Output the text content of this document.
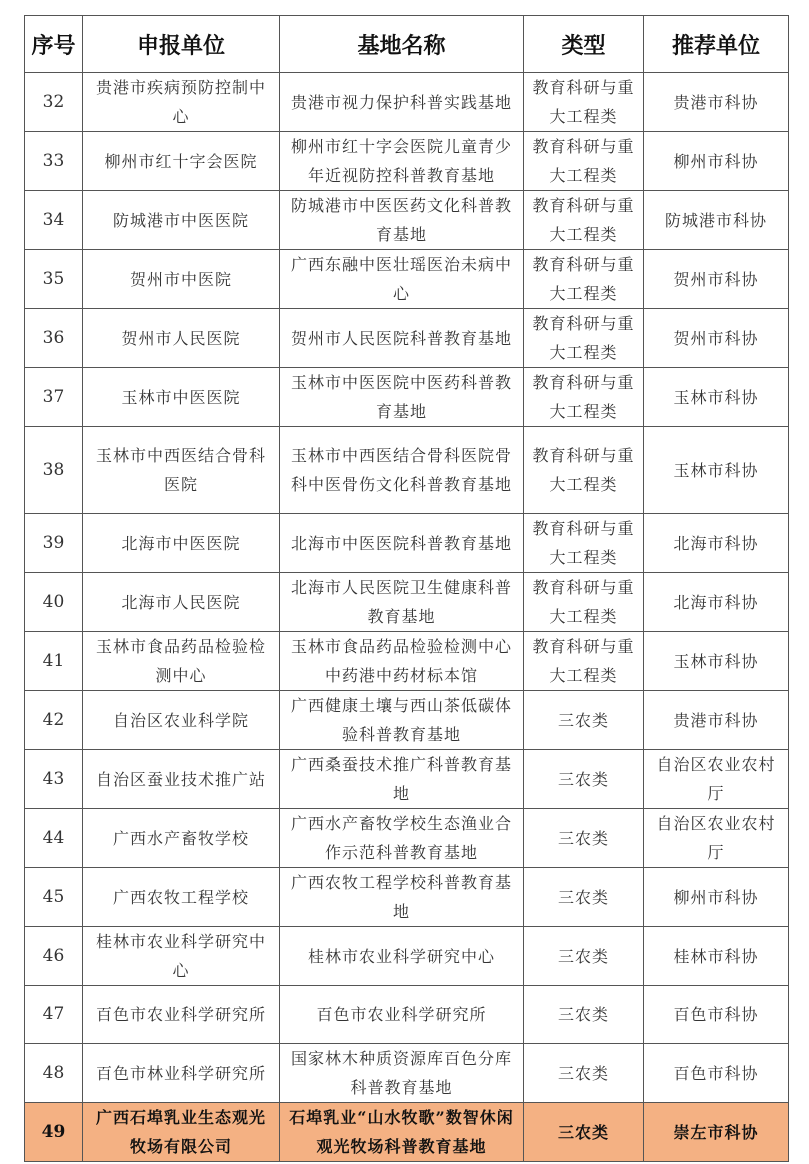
序号	申报单位	基地名称	类型	推荐单位
32	贵港市疾病预防控制中心	贵港市视力保护科普实践基地	教育科研与重大工程类	贵港市科协
33	柳州市红十字会医院	柳州市红十字会医院儿童青少年近视防控科普教育基地	教育科研与重大工程类	柳州市科协
34	防城港市中医医院	防城港市中医医药文化科普教育基地	教育科研与重大工程类	防城港市科协
35	贺州市中医院	广西东融中医壮瑶医治未病中心	教育科研与重大工程类	贺州市科协
36	贺州市人民医院	贺州市人民医院科普教育基地	教育科研与重大工程类	贺州市科协
37	玉林市中医医院	玉林市中医医院中医药科普教育基地	教育科研与重大工程类	玉林市科协
38	玉林市中西医结合骨科医院	玉林市中西医结合骨科医院骨科中医骨伤文化科普教育基地	教育科研与重大工程类	玉林市科协
39	北海市中医医院	北海市中医医院科普教育基地	教育科研与重大工程类	北海市科协
40	北海市人民医院	北海市人民医院卫生健康科普教育基地	教育科研与重大工程类	北海市科协
41	玉林市食品药品检验检测中心	玉林市食品药品检验检测中心中药港中药材标本馆	教育科研与重大工程类	玉林市科协
42	自治区农业科学院	广西健康土壤与西山茶低碳体验科普教育基地	三农类	贵港市科协
43	自治区蚕业技术推广站	广西桑蚕技术推广科普教育基地	三农类	自治区农业农村厅
44	广西水产畜牧学校	广西水产畜牧学校生态渔业合作示范科普教育基地	三农类	自治区农业农村厅
45	广西农牧工程学校	广西农牧工程学校科普教育基地	三农类	柳州市科协
46	桂林市农业科学研究中心	桂林市农业科学研究中心	三农类	桂林市科协
47	百色市农业科学研究所	百色市农业科学研究所	三农类	百色市科协
48	百色市林业科学研究所	国家林木种质资源库百色分库科普教育基地	三农类	百色市科协
49	广西石埠乳业生态观光牧场有限公司	石埠乳业“山水牧歌”数智休闲观光牧场科普教育基地	三农类	崇左市科协
